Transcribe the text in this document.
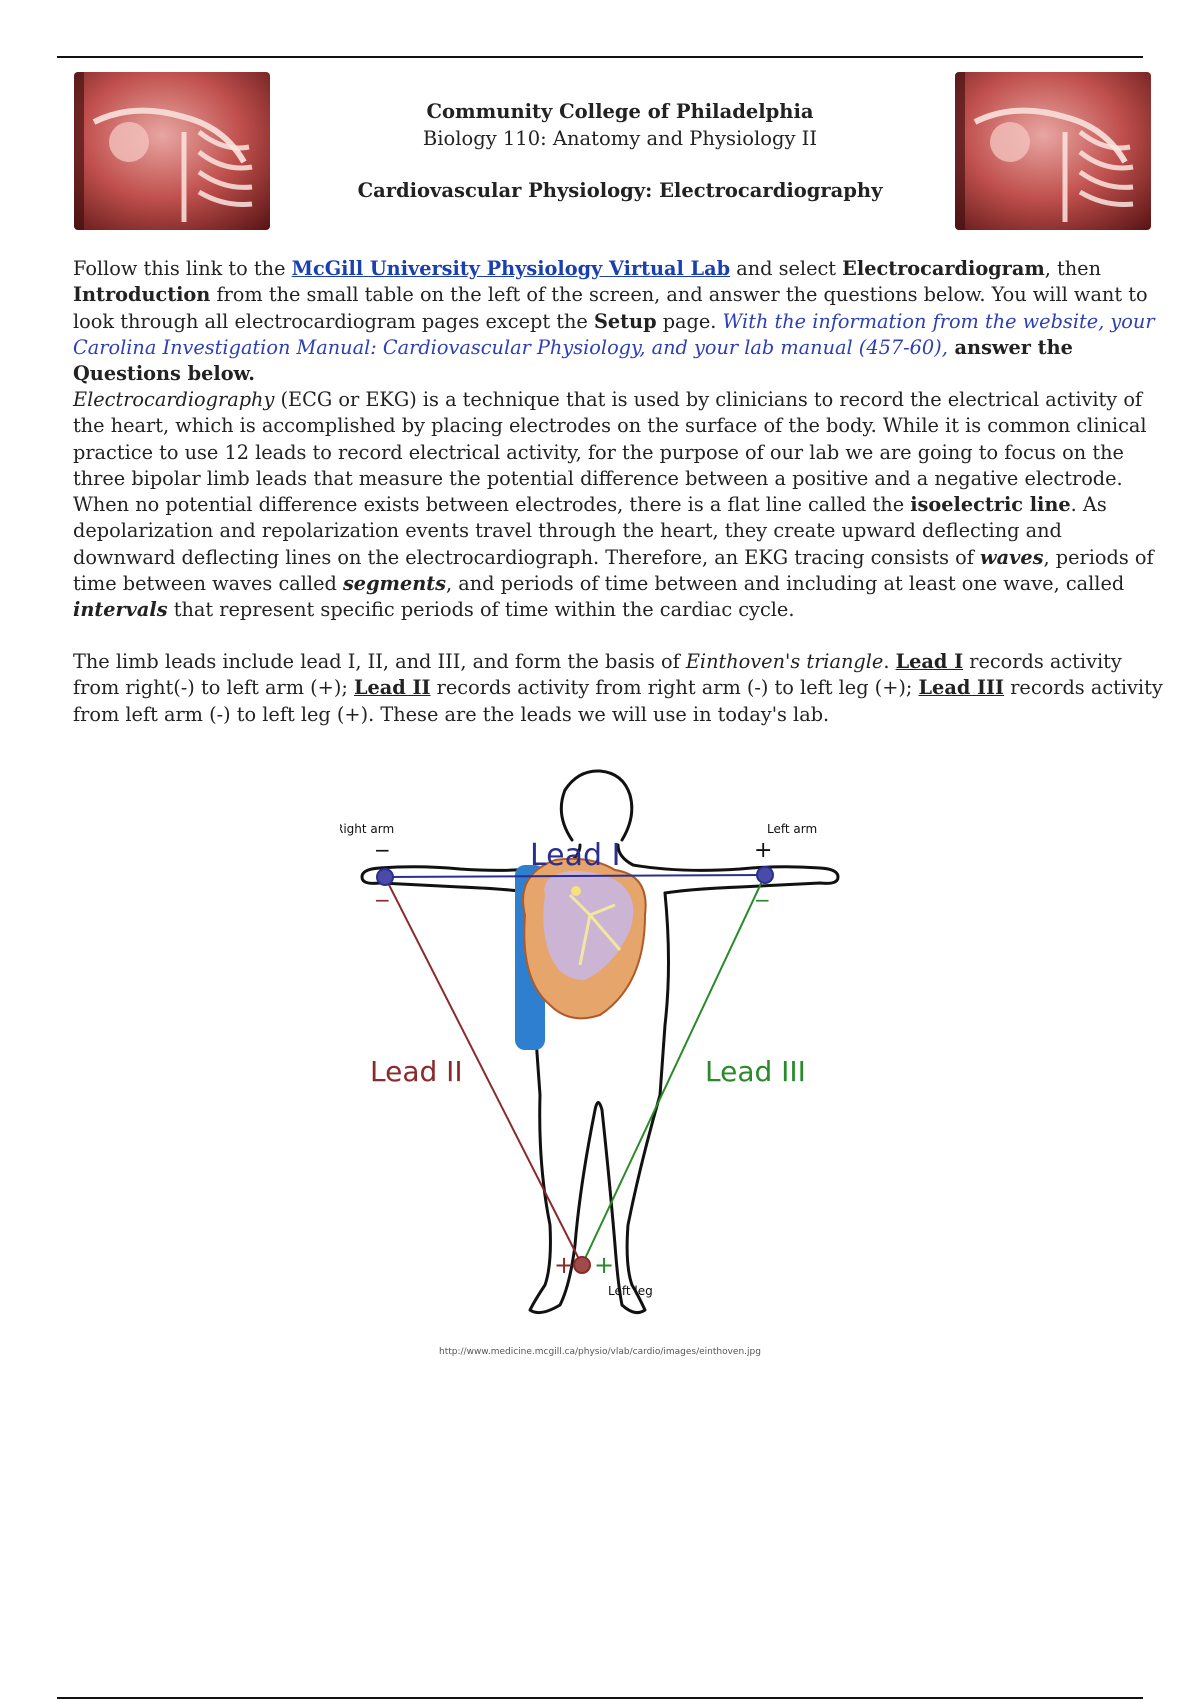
Community College of Philadelphia
Biology 110: Anatomy and Physiology II
Cardiovascular Physiology: Electrocardiography
Follow this link to the McGill University Physiology Virtual Lab and select Electrocardiogram, then Introduction from the small table on the left of the screen, and answer the questions below. You will want to look through all electrocardiogram pages except the Setup page. With the information from the website, your Carolina Investigation Manual: Cardiovascular Physiology, and your lab manual (457-60), answer the Questions below.
Electrocardiography (ECG or EKG) is a technique that is used by clinicians to record the electrical activity of the heart, which is accomplished by placing electrodes on the surface of the body. While it is common clinical practice to use 12 leads to record electrical activity, for the purpose of our lab we are going to focus on the three bipolar limb leads that measure the potential difference between a positive and a negative electrode. When no potential difference exists between electrodes, there is a flat line called the isoelectric line. As depolarization and repolarization events travel through the heart, they create upward deflecting and downward deflecting lines on the electrocardiograph. Therefore, an EKG tracing consists of waves, periods of time between waves called segments, and periods of time between and including at least one wave, called intervals that represent specific periods of time within the cardiac cycle.
The limb leads include lead I, II, and III, and form the basis of Einthoven's triangle. Lead I records activity from right(-) to left arm (+); Lead II records activity from right arm (-) to left leg (+); Lead III records activity from left arm (-) to left leg (+). These are the leads we will use in today's lab.
Right arm	Left arm
Left leg
Lead I
Lead II	Lead III
−
−
+
−
+ +
http://www.medicine.mcgill.ca/physio/vlab/cardio/images/einthoven.jpg
